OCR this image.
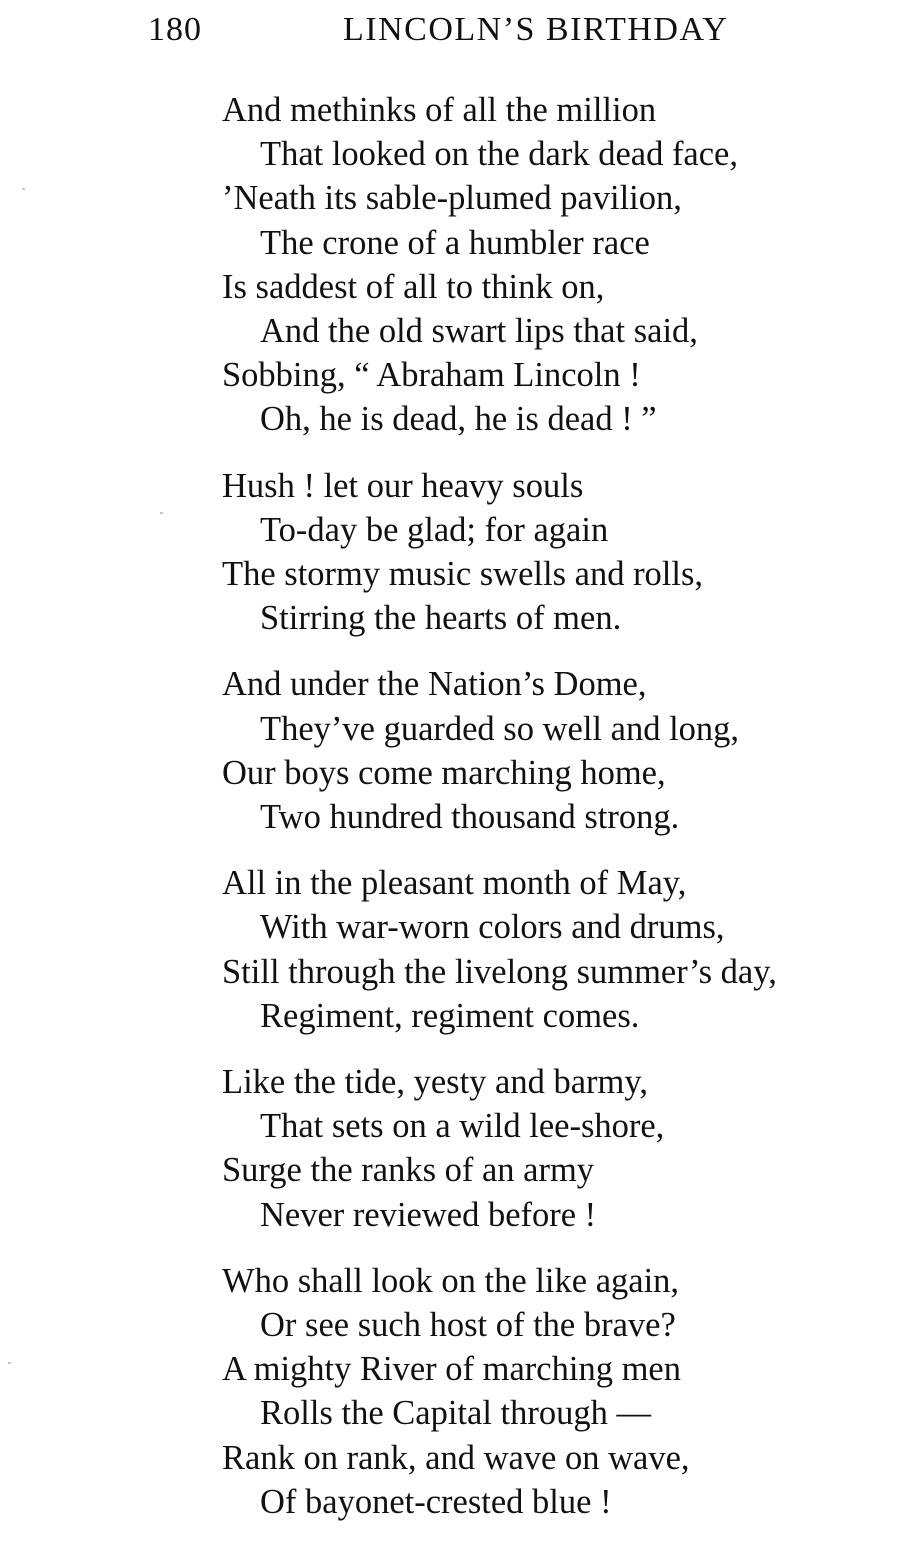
180	LINCOLN’S BIRTHDAY
And methinks of all the million
That looked on the dark dead face,
’Neath its sable-plumed pavilion,
The crone of a humbler race
Is saddest of all to think on,
And the old swart lips that said,
Sobbing, “ Abraham Lincoln !
Oh, he is dead, he is dead ! ”
Hush ! let our heavy souls
To-day be glad; for again
The stormy music swells and rolls,
Stirring the hearts of men.
And under the Nation’s Dome,
They’ve guarded so well and long,
Our boys come marching home,
Two hundred thousand strong.
All in the pleasant month of May,
With war-worn colors and drums,
Still through the livelong summer’s day,
Regiment, regiment comes.
Like the tide, yesty and barmy,
That sets on a wild lee-shore,
Surge the ranks of an army
Never reviewed before !
Who shall look on the like again,
Or see such host of the brave?
A mighty River of marching men
Rolls the Capital through —
Rank on rank, and wave on wave,
Of bayonet-crested blue !
